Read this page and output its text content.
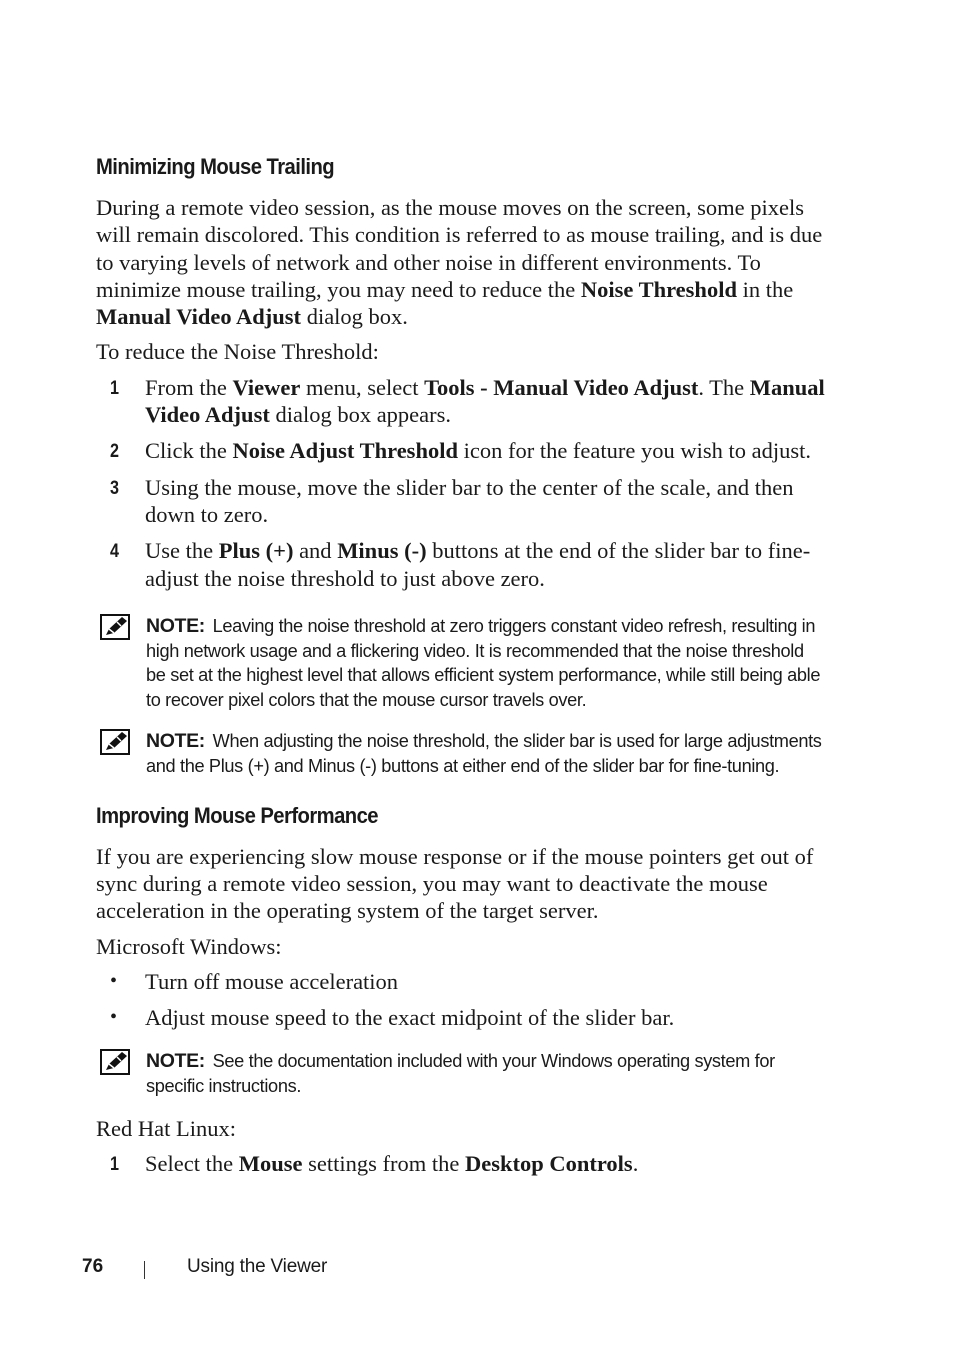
Minimizing Mouse Trailing

During a remote video session, as the mouse moves on the screen, some pixels will remain discolored. This condition is referred to as mouse trailing, and is due to varying levels of network and other noise in different environments. To minimize mouse trailing, you may need to reduce the Noise Threshold in the Manual Video Adjust dialog box.

To reduce the Noise Threshold:

1 From the Viewer menu, select Tools - Manual Video Adjust. The Manual Video Adjust dialog box appears.
2 Click the Noise Adjust Threshold icon for the feature you wish to adjust.
3 Using the mouse, move the slider bar to the center of the scale, and then down to zero.
4 Use the Plus (+) and Minus (-) buttons at the end of the slider bar to fine-adjust the noise threshold to just above zero.
NOTE: Leaving the noise threshold at zero triggers constant video refresh, resulting in high network usage and a flickering video. It is recommended that the noise threshold be set at the highest level that allows efficient system performance, while still being able to recover pixel colors that the mouse cursor travels over.
NOTE: When adjusting the noise threshold, the slider bar is used for large adjustments and the Plus (+) and Minus (-) buttons at either end of the slider bar for fine-tuning.
Improving Mouse Performance

If you are experiencing slow mouse response or if the mouse pointers get out of sync during a remote video session, you may want to deactivate the mouse acceleration in the operating system of the target server.

Microsoft Windows:

• Turn off mouse acceleration
• Adjust mouse speed to the exact midpoint of the slider bar.
NOTE: See the documentation included with your Windows operating system for specific instructions.

Red Hat Linux:

1 Select the Mouse settings from the Desktop Controls.
76	Using the Viewer
